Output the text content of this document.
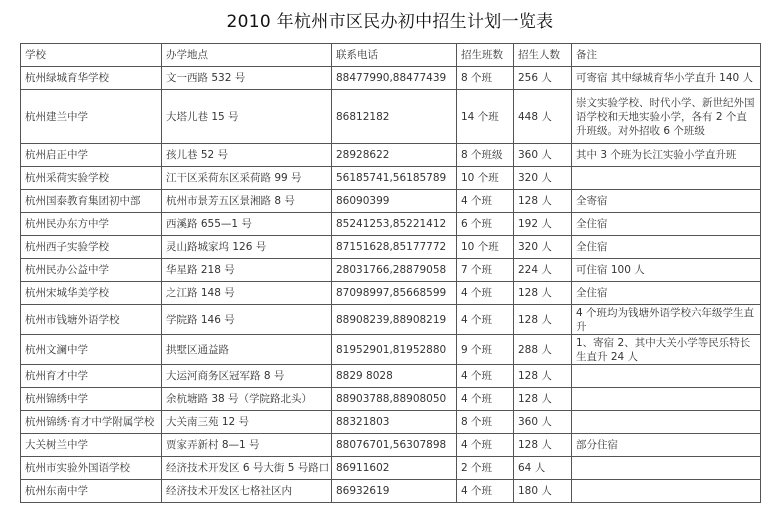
2010 年杭州市区民办初中招生计划一览表
学校	办学地点	联系电话	招生班数	招生人数	备注
杭州绿城育华学校	文一西路 532 号	88477990,88477439	8 个班	256 人	可寄宿 其中绿城育华小学直升 140 人
杭州建兰中学	大塔儿巷 15 号	86812182	14 个班	448 人	崇文实验学校、时代小学、新世纪外国语学校和天地实验小学，各有 2 个直升班级。对外招收 6 个班级
杭州启正中学	孩儿巷 52 号	28928622	8 个班级	360 人	其中 3 个班为长江实验小学直升班
杭州采荷实验学校	江干区采荷东区采荷路 99 号	56185741,56185789	10 个班	320 人	
杭州国泰教育集团初中部	杭州市景芳五区景湘路 8 号	86090399	4 个班	128 人	全寄宿
杭州民办东方中学	西溪路 655—1 号	85241253,85221412	6 个班	192 人	全住宿
杭州西子实验学校	灵山路城家坞 126 号	87151628,85177772	10 个班	320 人	全住宿
杭州民办公益中学	华星路 218 号	28031766,28879058	7 个班	224 人	可住宿 100 人
杭州宋城华美学校	之江路 148 号	87098997,85668599	4 个班	128 人	全住宿
杭州市钱塘外语学校	学院路 146 号	88908239,88908219	4 个班	128 人	4 个班均为钱塘外语学校六年级学生直升
杭州文澜中学	拱墅区通益路	81952901,81952880	9 个班	288 人	1、寄宿 2、其中大关小学等民乐特长生直升 24 人
杭州育才中学	大运河商务区冠军路 8 号	8829 8028	4 个班	128 人	
杭州锦绣中学	余杭塘路 38 号（学院路北头）	88903788,88908050	4 个班	128 人	
杭州锦绣·育才中学附属学校	大关南三苑 12 号	88321803	8 个班	360 人	
大关树兰中学	贾家弄新村 8—1 号	88076701,56307898	4 个班	128 人	部分住宿
杭州市实验外国语学校	经济技术开发区 6 号大街 5 号路口	86911602	2 个班	64 人	
杭州东南中学	经济技术开发区七格社区内	86932619	4 个班	180 人	
